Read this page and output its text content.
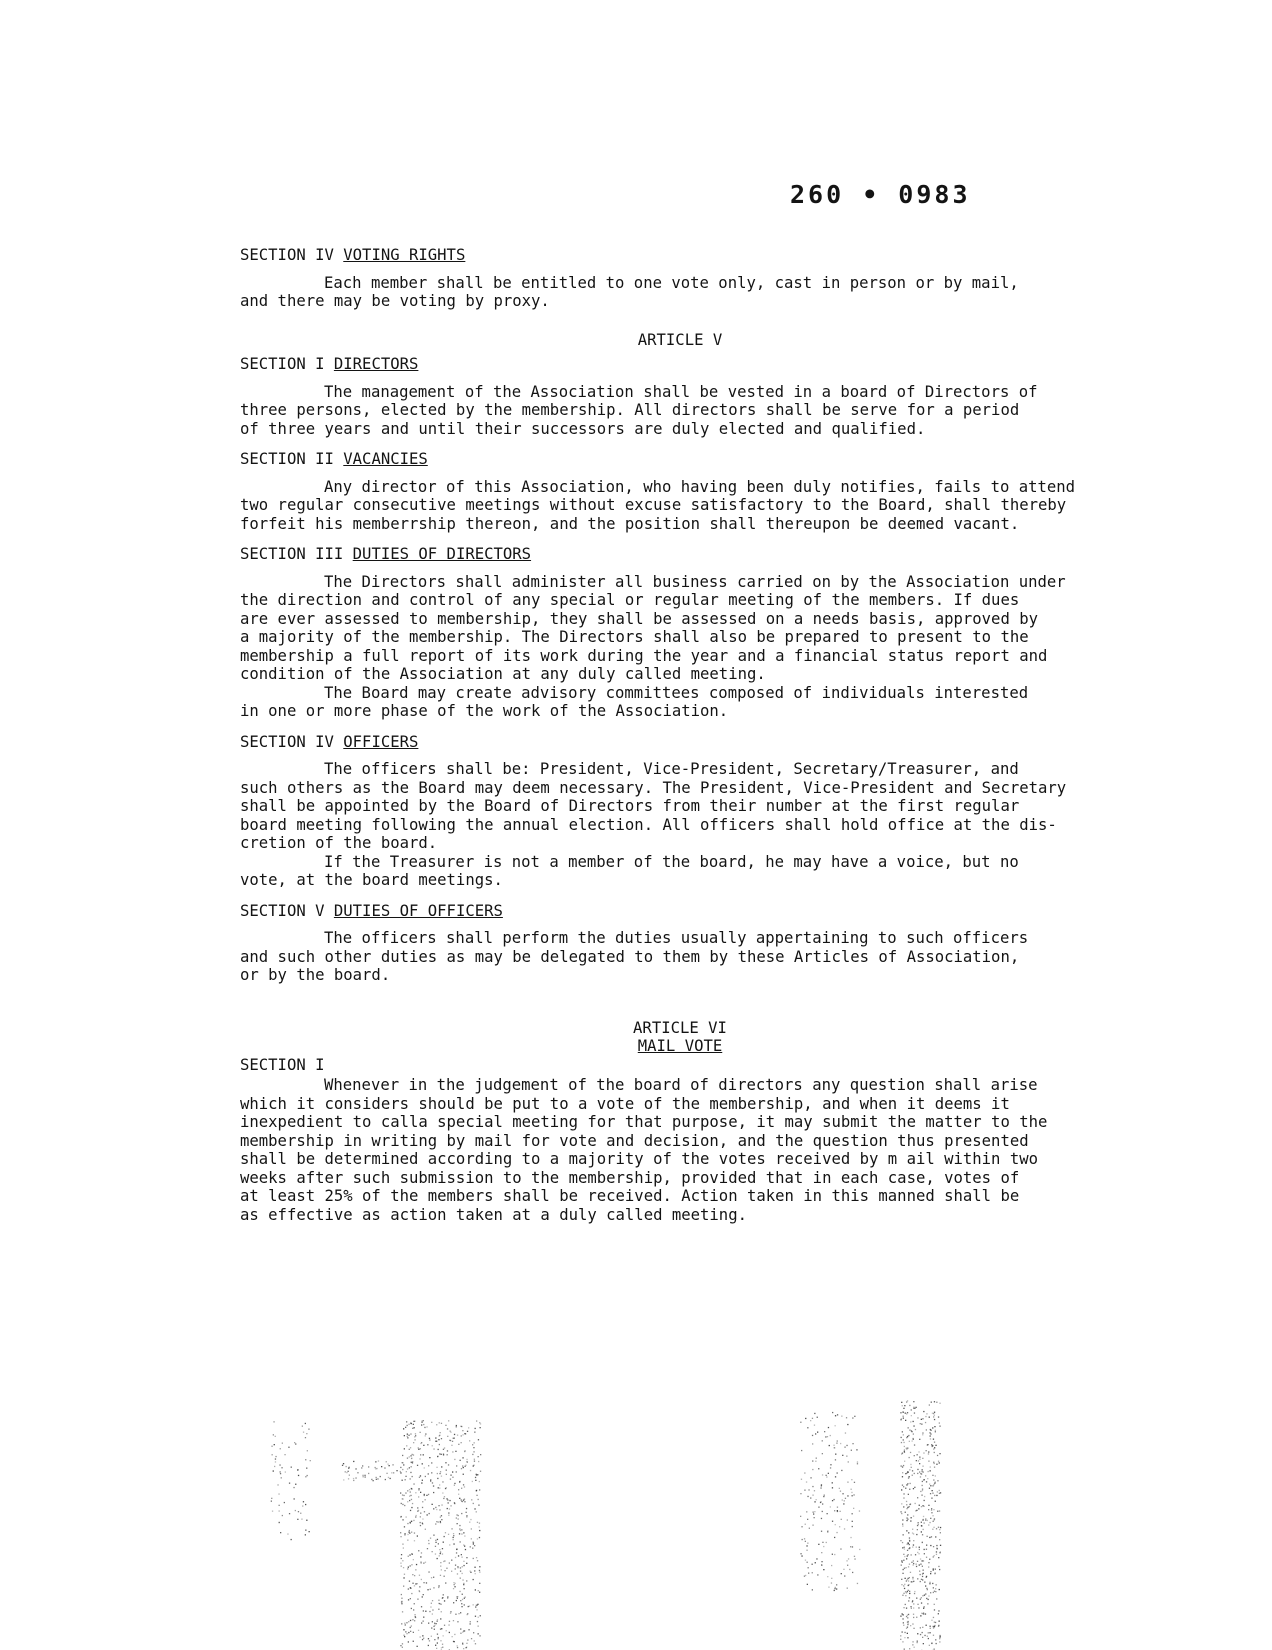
260 • 0983
SECTION IV VOTING RIGHTS

Each member shall be entitled to one vote only, cast in person or by mail,
and there may be voting by proxy.

ARTICLE V
SECTION I DIRECTORS

The management of the Association shall be vested in a board of Directors of
three persons, elected by the membership. All directors shall be serve for a period
of three years and until their successors are duly elected and qualified.

SECTION II VACANCIES

Any director of this Association, who having been duly notifies, fails to attend
two regular consecutive meetings without excuse satisfactory to the Board, shall thereby
forfeit his memberrship thereon, and the position shall thereupon be deemed vacant.

SECTION III DUTIES OF DIRECTORS

The Directors shall administer all business carried on by the Association under
the direction and control of any special or regular meeting of the members. If dues
are ever assessed to membership, they shall be assessed on a needs basis, approved by
a majority of the membership. The Directors shall also be prepared to present to the
membership a full report of its work during the year and a financial status report and
condition of the Association at any duly called meeting.

The Board may create advisory committees composed of individuals interested
in one or more phase of the work of the Association.

SECTION IV OFFICERS

The officers shall be: President, Vice-President, Secretary/Treasurer, and
such others as the Board may deem necessary. The President, Vice-President and Secretary
shall be appointed by the Board of Directors from their number at the first regular
board meeting following the annual election. All officers shall hold office at the dis-
cretion of the board.

If the Treasurer is not a member of the board, he may have a voice, but no
vote, at the board meetings.

SECTION V DUTIES OF OFFICERS

The officers shall perform the duties usually appertaining to such officers
and such other duties as may be delegated to them by these Articles of Association,
or by the board.

ARTICLE VI
MAIL VOTE
SECTION I

Whenever in the judgement of the board of directors any question shall arise
which it considers should be put to a vote of the membership, and when it deems it
inexpedient to calla special meeting for that purpose, it may submit the matter to the
membership in writing by mail for vote and decision, and the question thus presented
shall be determined according to a majority of the votes received by m ail within two
weeks after such submission to the membership, provided that in each case, votes of
at least 25% of the members shall be received. Action taken in this manned shall be
as effective as action taken at a duly called meeting.
